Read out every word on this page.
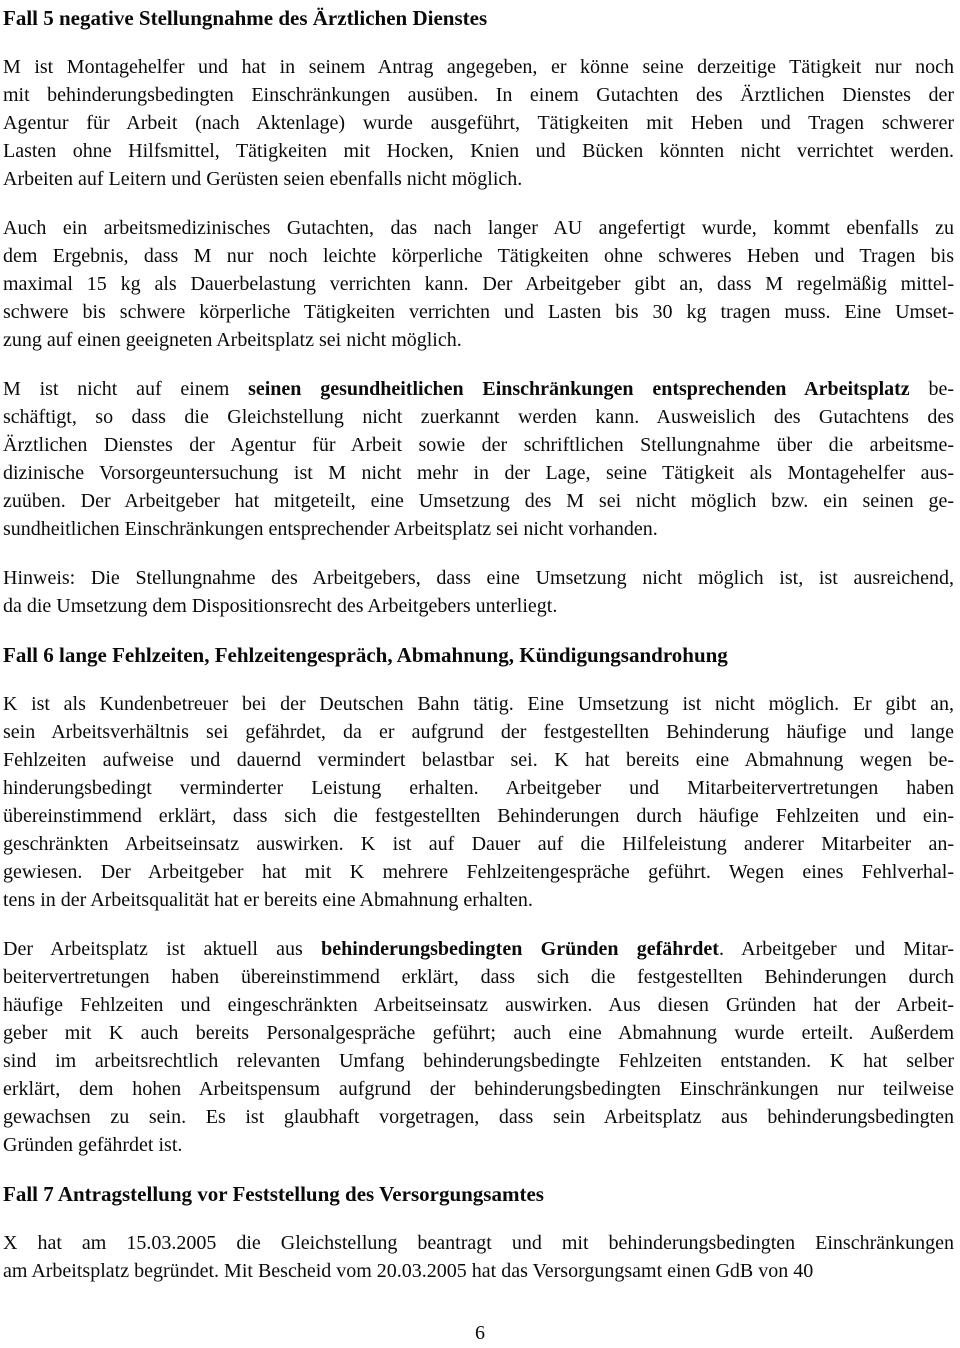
Fall 5 negative Stellungnahme des Ärztlichen Dienstes
M ist Montagehelfer und hat in seinem Antrag angegeben, er könne seine derzeitige Tätigkeit nur noch
mit behinderungsbedingten Einschränkungen ausüben. In einem Gutachten des Ärztlichen Dienstes der
Agentur für Arbeit (nach Aktenlage) wurde ausgeführt, Tätigkeiten mit Heben und Tragen schwerer
Lasten ohne Hilfsmittel, Tätigkeiten mit Hocken, Knien und Bücken könnten nicht verrichtet werden.
Arbeiten auf Leitern und Gerüsten seien ebenfalls nicht möglich.
Auch ein arbeitsmedizinisches Gutachten, das nach langer AU angefertigt wurde, kommt ebenfalls zu
dem Ergebnis, dass M nur noch leichte körperliche Tätigkeiten ohne schweres Heben und Tragen bis
maximal 15 kg als Dauerbelastung verrichten kann. Der Arbeitgeber gibt an, dass M regelmäßig mittel-
schwere bis schwere körperliche Tätigkeiten verrichten und Lasten bis 30 kg tragen muss. Eine Umset-
zung auf einen geeigneten Arbeitsplatz sei nicht möglich.
M ist nicht auf einem seinen gesundheitlichen Einschränkungen entsprechenden Arbeitsplatz be-
schäftigt, so dass die Gleichstellung nicht zuerkannt werden kann. Ausweislich des Gutachtens des
Ärztlichen Dienstes der Agentur für Arbeit sowie der schriftlichen Stellungnahme über die arbeitsme-
dizinische Vorsorgeuntersuchung ist M nicht mehr in der Lage, seine Tätigkeit als Montagehelfer aus-
zuüben. Der Arbeitgeber hat mitgeteilt, eine Umsetzung des M sei nicht möglich bzw. ein seinen ge-
sundheitlichen Einschränkungen entsprechender Arbeitsplatz sei nicht vorhanden.
Hinweis: Die Stellungnahme des Arbeitgebers, dass eine Umsetzung nicht möglich ist, ist ausreichend,
da die Umsetzung dem Dispositionsrecht des Arbeitgebers unterliegt.
Fall 6 lange Fehlzeiten, Fehlzeitengespräch, Abmahnung, Kündigungsandrohung
K ist als Kundenbetreuer bei der Deutschen Bahn tätig. Eine Umsetzung ist nicht möglich. Er gibt an,
sein Arbeitsverhältnis sei gefährdet, da er aufgrund der festgestellten Behinderung häufige und lange
Fehlzeiten aufweise und dauernd vermindert belastbar sei. K hat bereits eine Abmahnung wegen be-
hinderungsbedingt verminderter Leistung erhalten. Arbeitgeber und Mitarbeitervertretungen haben
übereinstimmend erklärt, dass sich die festgestellten Behinderungen durch häufige Fehlzeiten und ein-
geschränkten Arbeitseinsatz auswirken. K ist auf Dauer auf die Hilfeleistung anderer Mitarbeiter an-
gewiesen. Der Arbeitgeber hat mit K mehrere Fehlzeitengespräche geführt. Wegen eines Fehlverhal-
tens in der Arbeitsqualität hat er bereits eine Abmahnung erhalten.
Der Arbeitsplatz ist aktuell aus behinderungsbedingten Gründen gefährdet. Arbeitgeber und Mitar-
beitervertretungen haben übereinstimmend erklärt, dass sich die festgestellten Behinderungen durch
häufige Fehlzeiten und eingeschränkten Arbeitseinsatz auswirken. Aus diesen Gründen hat der Arbeit-
geber mit K auch bereits Personalgespräche geführt; auch eine Abmahnung wurde erteilt. Außerdem
sind im arbeitsrechtlich relevanten Umfang behinderungsbedingte Fehlzeiten entstanden. K hat selber
erklärt, dem hohen Arbeitspensum aufgrund der behinderungsbedingten Einschränkungen nur teilweise
gewachsen zu sein. Es ist glaubhaft vorgetragen, dass sein Arbeitsplatz aus behinderungsbedingten
Gründen gefährdet ist.
Fall 7 Antragstellung vor Feststellung des Versorgungsamtes
X hat am 15.03.2005 die Gleichstellung beantragt und mit behinderungsbedingten Einschränkungen
am Arbeitsplatz begründet. Mit Bescheid vom 20.03.2005 hat das Versorgungsamt einen GdB von 40
6
